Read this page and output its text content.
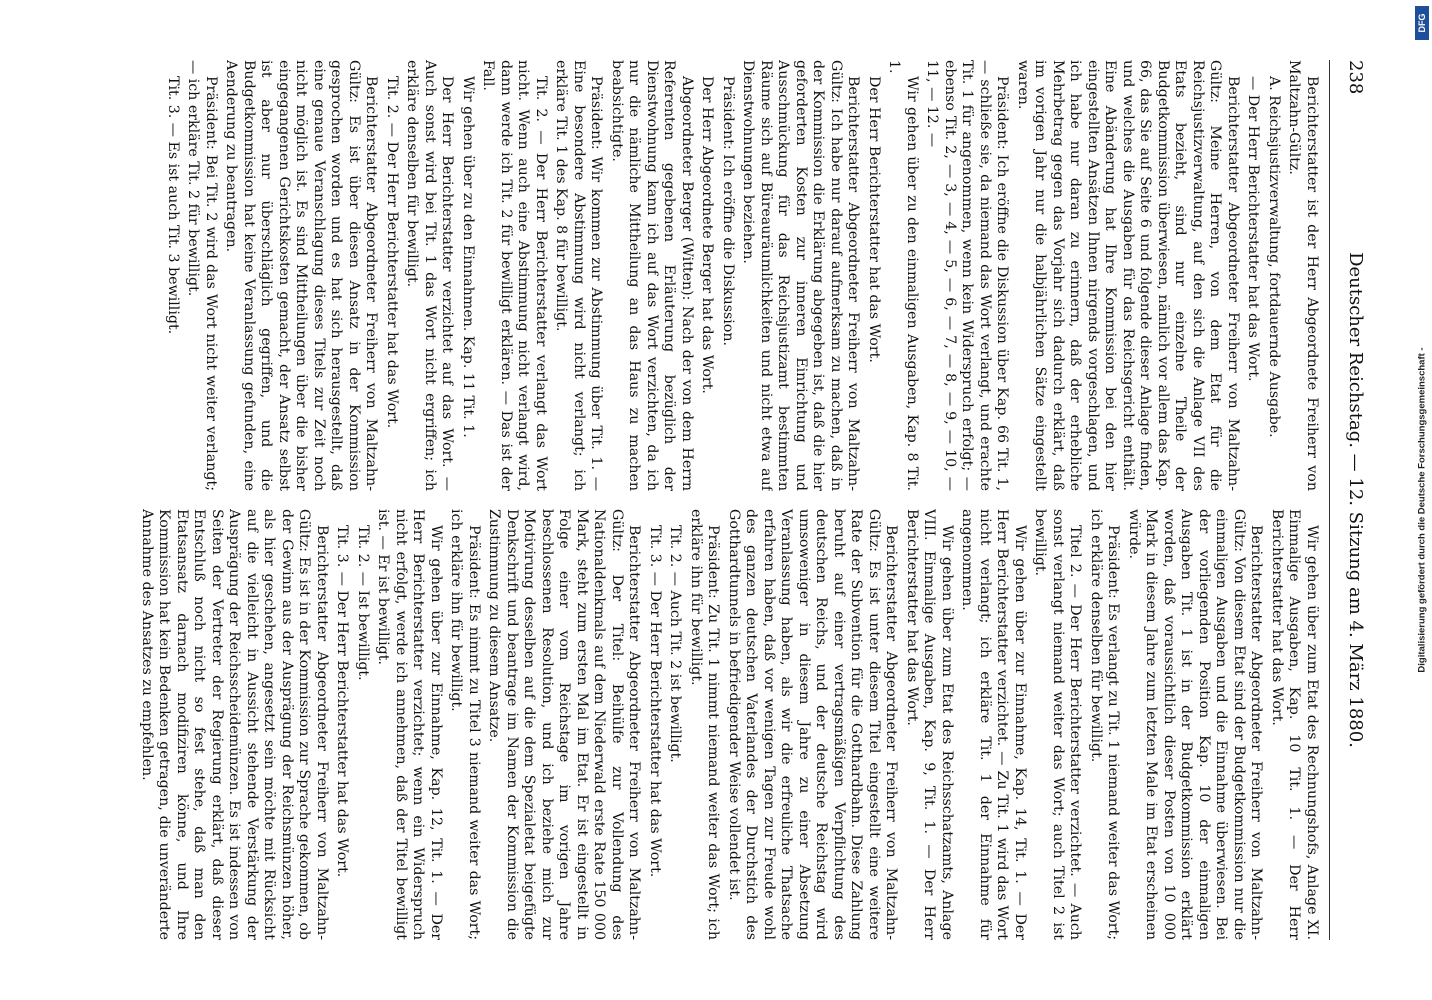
238
Deutscher Reichstag. — 12. Sitzung am 4. März 1880.

Berichterstatter ist der Herr Abgeordnete Freiherr von Maltzahn-Gültz.

A. Reichsjustizverwaltung, fortdauernde Ausgabe.

— Der Herr Berichterstatter hat das Wort.

Berichterstatter Abgeordneter Freiherr von Maltzahn-Gültz: Meine Herren, von dem Etat für die Reichsjustizverwaltung, auf den sich die Anlage VII des Etats bezieht, sind nur einzelne Theile der Budgetkommission überwiesen, nämlich vor allem das Kap. 66, das Sie auf Seite 6 und folgende dieser Anlage finden, und welches die Ausgaben für das Reichsgericht enthält. Eine Abänderung hat Ihre Kommission bei den hier eingestellten Ansätzen Ihnen nirgends vorgeschlagen, und ich habe nur daran zu erinnern, daß der erhebliche Mehrbetrag gegen das Vorjahr sich dadurch erklärt, daß im vorigen Jahr nur die halbjährlichen Sätze eingestellt waren.

Präsident: Ich eröffne die Diskussion über Kap. 66 Tit. 1, — schließe sie, da niemand das Wort verlangt, und erachte Tit. 1 für angenommen, wenn kein Widerspruch erfolgt; — ebenso Tit. 2, — 3, — 4, — 5, — 6, — 7, — 8, — 9, — 10, — 11, — 12. —

Wir gehen über zu den einmaligen Ausgaben, Kap. 8 Tit. 1.

Der Herr Berichterstatter hat das Wort.

Berichterstatter Abgeordneter Freiherr von Maltzahn-Gültz: Ich habe nur darauf aufmerksam zu machen, daß in der Kommission die Erklärung abgegeben ist, daß die hier geforderten Kosten zur inneren Einrichtung und Ausschmückung für das Reichsjustizamt bestimmten Räume sich auf Büreauräumlichkeiten und nicht etwa auf Dienstwohnungen beziehen.

Präsident: Ich eröffne die Diskussion.

Der Herr Abgeordnete Berger hat das Wort.

Abgeordneter Berger (Witten): Nach der von dem Herrn Referenten gegebenen Erläuterung bezüglich der Dienstwohnung kann ich auf das Wort verzichten, da ich nur die nämliche Mittheilung an das Haus zu machen beabsichtigte.

Präsident: Wir kommen zur Abstimmung über Tit. 1. — Eine besondere Abstimmung wird nicht verlangt; ich erkläre Tit. 1 des Kap. 8 für bewilligt.

Tit. 2. — Der Herr Berichterstatter verlangt das Wort nicht. Wenn auch eine Abstimmung nicht verlangt wird, dann werde ich Tit. 2 für bewilligt erklären. — Das ist der Fall.

Wir gehen über zu den Einnahmen. Kap. 11 Tit. 1.

Der Herr Berichterstatter verzichtet auf das Wort. — Auch sonst wird bei Tit. 1 das Wort nicht ergriffen; ich erkläre denselben für bewilligt.

Tit. 2. — Der Herr Berichterstatter hat das Wort.

Berichterstatter Abgeordneter Freiherr von Maltzahn-Gültz: Es ist über diesen Ansatz in der Kommission gesprochen worden und es hat sich herausgestellt, daß eine genaue Veranschlagung dieses Titels zur Zeit noch nicht möglich ist. Es sind Mittheilungen über die bisher eingegangenen Gerichtskosten gemacht, der Ansatz selbst ist aber nur überschläglich gegriffen, und die Budgetkommission hat keine Veranlassung gefunden, eine Aenderung zu beantragen.

Präsident: Bei Tit. 2 wird das Wort nicht weiter verlangt; — ich erkläre Tit. 2 für bewilligt.

Tit. 3. — Es ist auch Tit. 3 bewilligt.

Wir gehen über zum Etat des Rechnungshofs, Anlage XI. Einmalige Ausgaben, Kap. 10 Tit. 1. — Der Herr Berichterstatter hat das Wort.

Berichterstatter Abgeordneter Freiherr von Maltzahn-Gültz: Von diesem Etat sind der Budgetkommission nur die einmaligen Ausgaben und die Einnahme überwiesen. Bei der vorliegenden Position Kap. 10 der einmaligen Ausgaben Tit. 1 ist in der Budgetkommission erklärt worden, daß voraussichtlich dieser Posten von 10 000 Mark in diesem Jahre zum letzten Male im Etat erscheinen würde.

Präsident: Es verlangt zu Tit. 1 niemand weiter das Wort; ich erkläre denselben für bewilligt.

Titel 2. — Der Herr Berichterstatter verzichtet. — Auch sonst verlangt niemand weiter das Wort; auch Titel 2 ist bewilligt.

Wir gehen über zur Einnahme, Kap. 14, Tit. 1. — Der Herr Berichterstatter verzichtet. — Zu Tit. 1 wird das Wort nicht verlangt; ich erkläre Tit. 1 der Einnahme für angenommen.

Wir gehen über zum Etat des Reichsschatzamts, Anlage VIII. Einmalige Ausgaben, Kap. 9, Tit. 1. — Der Herr Berichterstatter hat das Wort.

Berichterstatter Abgeordneter Freiherr von Maltzahn-Gültz: Es ist unter diesem Titel eingestellt eine weitere Rate der Subvention für die Gotthardbahn. Diese Zahlung beruht auf einer vertragsmäßigen Verpflichtung des deutschen Reichs, und der deutsche Reichstag wird umsoweniger in diesem Jahre zu einer Absetzung Veranlassung haben, als wir die erfreuliche Thatsache erfahren haben, daß vor wenigen Tagen zur Freude wohl des ganzen deutschen Vaterlandes der Durchstich des Gotthardtunnels in befriedigender Weise vollendet ist.

Präsident: Zu Tit. 1 nimmt niemand weiter das Wort; ich erkläre ihn für bewilligt.

Tit. 2. — Auch Tit. 2 ist bewilligt.

Tit. 3. — Der Herr Berichterstatter hat das Wort.

Berichterstatter Abgeordneter Freiherr von Maltzahn-Gültz: Der Titel: Beihülfe zur Vollendung des Nationaldenkmals auf dem Niederwald erste Rate 150 000 Mark, steht zum ersten Mal im Etat. Er ist eingestellt in Folge einer vom Reichstage im vorigen Jahre beschlossenen Resolution, und ich beziehe mich zur Motivirung desselben auf die dem Spezialetat beigefügte Denkschrift und beantrage im Namen der Kommission die Zustimmung zu diesem Ansatze.

Präsident: Es nimmt zu Titel 3 niemand weiter das Wort; ich erkläre ihn für bewilligt.

Wir gehen über zur Einnahme, Kap. 12, Tit. 1. — Der Herr Berichterstatter verzichtet; wenn ein Widerspruch nicht erfolgt, werde ich annehmen, daß der Titel bewilligt ist. — Er ist bewilligt.

Tit. 2. — Ist bewilligt.

Tit. 3. — Der Herr Berichterstatter hat das Wort.

Berichterstatter Abgeordneter Freiherr von Maltzahn-Gültz: Es ist in der Kommission zur Sprache gekommen, ob der Gewinn aus der Ausprägung der Reichsmünzen höher, als hier geschehen, angesetzt sein möchte mit Rücksicht auf die vielleicht in Aussicht stehende Verstärkung der Ausprägung der Reichsscheidemünzen. Es ist indessen von Seiten der Vertreter der Regierung erklärt, daß dieser Entschluß noch nicht so fest stehe, daß man den Etatsansatz darnach modifiziren könne, und Ihre Kommission hat kein Bedenken getragen, die unveränderte Annahme des Ansatzes zu empfehlen.

DFG
Digitalisierung gefördert durch die Deutsche Forschungsgemeinschaft -
